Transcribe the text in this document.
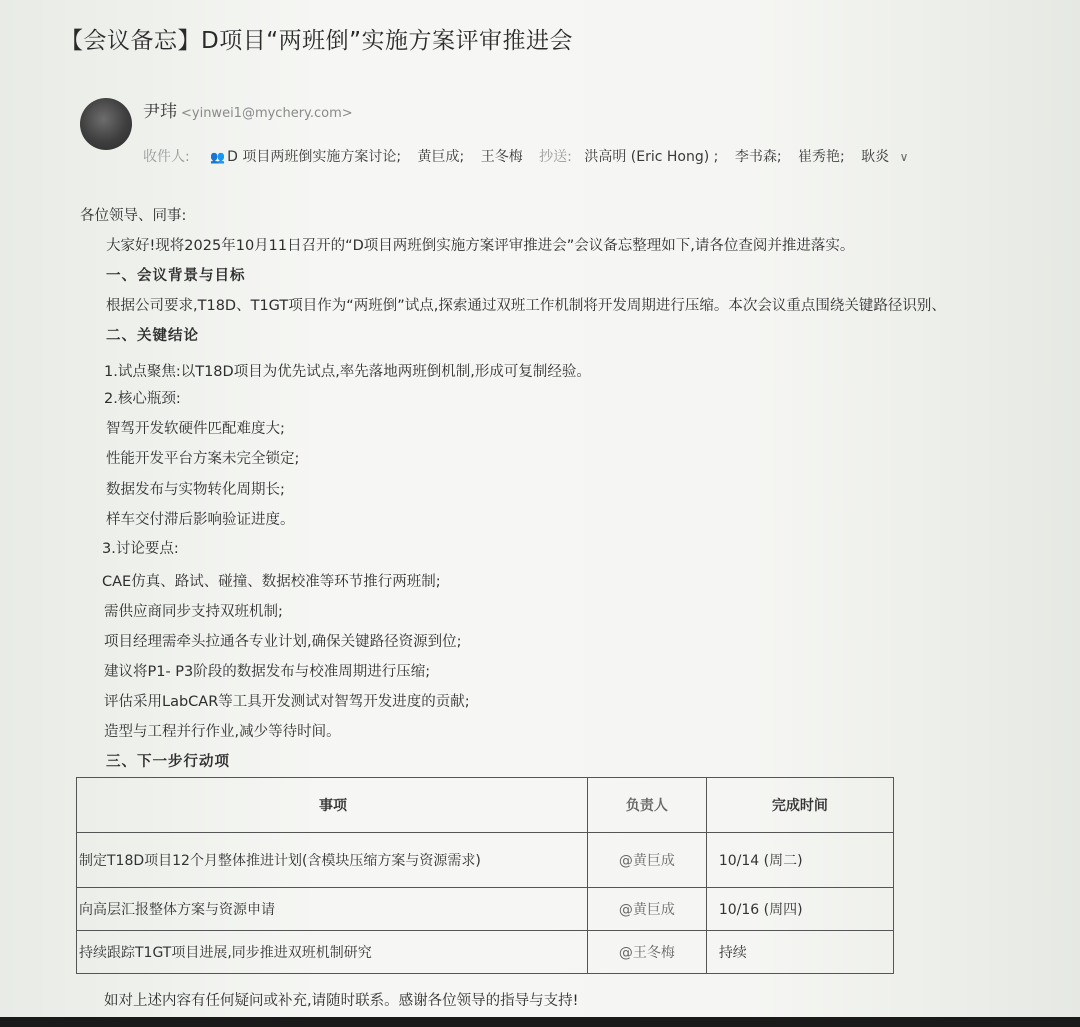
【会议备忘】D项目“两班倒”实施方案评审推进会
尹玮 <yinwei1@mychery.com>
收件人: 👥 D 项目两班倒实施方案讨论; 黄巨成; 王冬梅 抄送: 洪高明 (Eric Hong) ; 李书森; 崔秀艳; 耿炎 ∨
各位领导、同事:
大家好!现将2025年10月11日召开的“D项目两班倒实施方案评审推进会”会议备忘整理如下,请各位查阅并推进落实。
一、会议背景与目标
根据公司要求,T18D、T1GT项目作为“两班倒”试点,探索通过双班工作机制将开发周期进行压缩。本次会议重点围绕关键路径识别、
二、关键结论
1.试点聚焦:以T18D项目为优先试点,率先落地两班倒机制,形成可复制经验。
2.核心瓶颈:
智驾开发软硬件匹配难度大;
性能开发平台方案未完全锁定;
数据发布与实物转化周期长;
样车交付滞后影响验证进度。
3.讨论要点:
CAE仿真、路试、碰撞、数据校准等环节推行两班制;
需供应商同步支持双班机制;
项目经理需牵头拉通各专业计划,确保关键路径资源到位;
建议将P1- P3阶段的数据发布与校准周期进行压缩;
评估采用LabCAR等工具开发测试对智驾开发进度的贡献;
造型与工程并行作业,减少等待时间。
三、下一步行动项
事项	负责人	完成时间
制定T18D项目12个月整体推进计划(含模块压缩方案与资源需求)	@黄巨成	10/14 (周二)
向高层汇报整体方案与资源申请	@黄巨成	10/16 (周四)
持续跟踪T1GT项目进展,同步推进双班机制研究	@王冬梅	持续
如对上述内容有任何疑问或补充,请随时联系。感谢各位领导的指导与支持!
